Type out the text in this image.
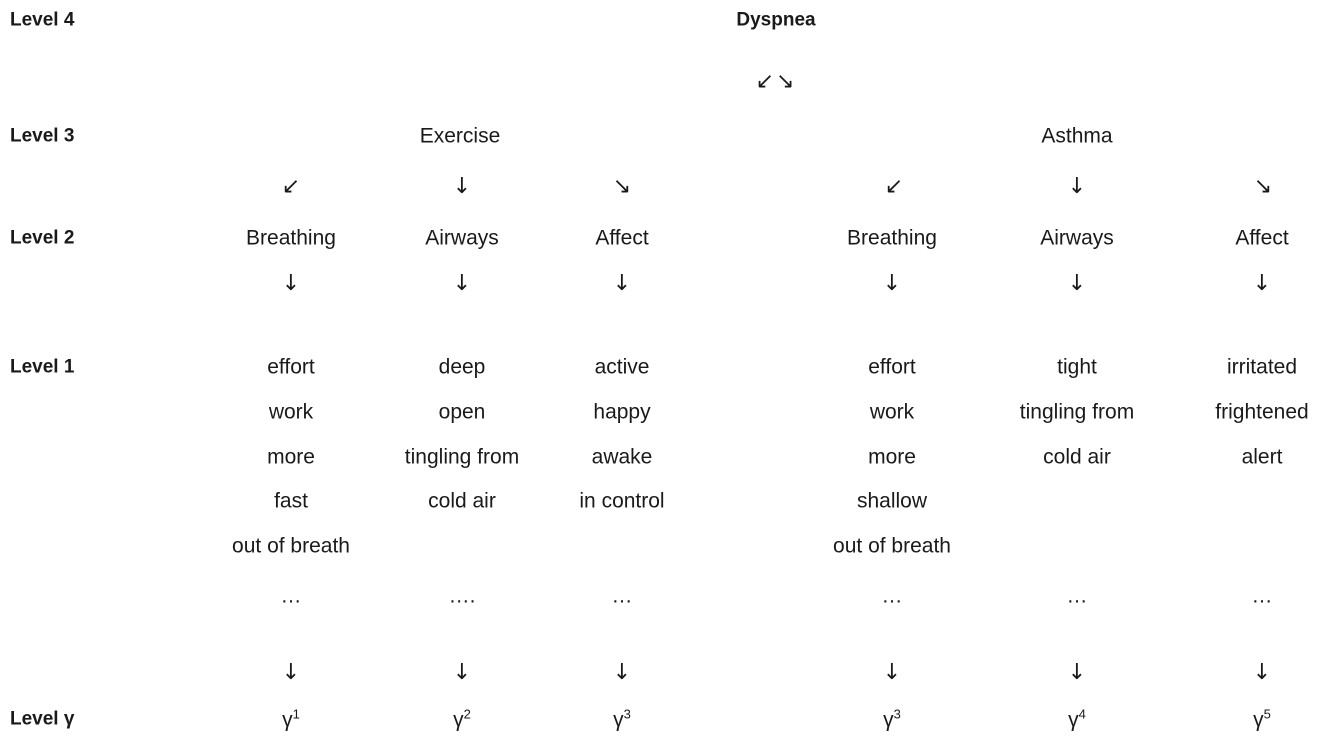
Level 4
Level 3
Level 2
Level 1
Level γ
Dyspnea
↙↘
Exercise	Asthma
↙
Breathing
↓
effort
work
more
fast
out of breath
…
↓
$\gamma^1$
↓
Airways
↓
deep
open
tingling from
cold air
….
↓
$\gamma^2$
↘
Affect
↓
active
happy
awake
in control
…
↓
$\gamma^3$
↙
Breathing
↓
effort
work
more
shallow
out of breath
…
↓
$\gamma^3$
↓
Airways
↓
tight
tingling from
cold air
…
↓
$\gamma^4$
↘
Affect
↓
irritated
frightened
alert
…
↓
$\gamma^5$
